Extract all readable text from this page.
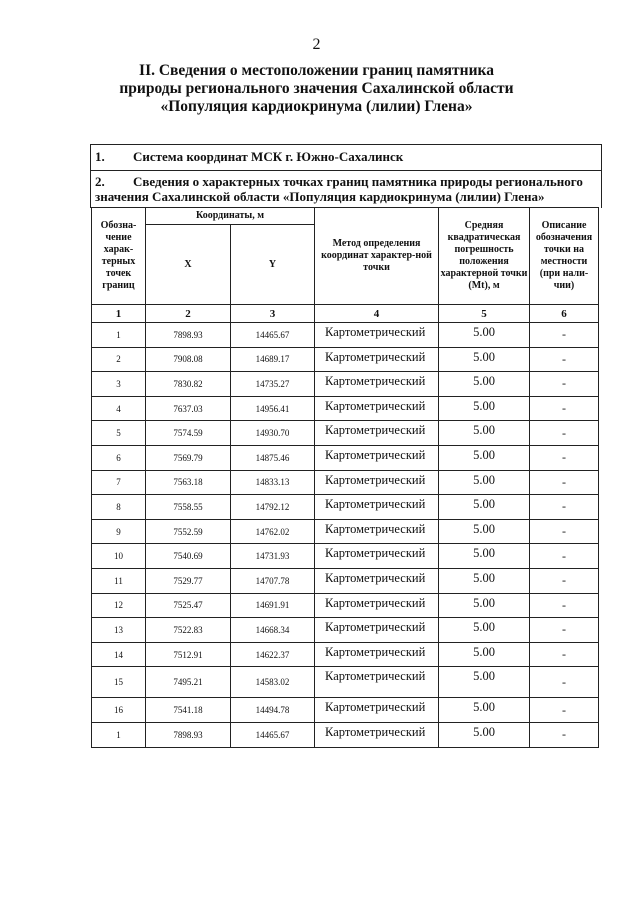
2
II. Сведения о местоположении границ памятника
природы регионального значения Сахалинской области
«Популяция кардиокринума (лилии) Глена»
1. Система координат МСК г. Южно-Сахалинск
2. Сведения о характерных точках границ памятника природы регионального значения Сахалинской области «Популяция кардиокринума (лилии) Глена»
Обозна-чение харак-терных точек границ	Координаты, м		Метод определения координат характер-ной точки	Средняя квадратическая погрешность положения характерной точки (Mt), м	Описание обозначения точки на местности (при нали-чии)
	X	Y			
1	2	3	4	5	6
1	7898.93	14465.67	Картометрический	5.00	-
2	7908.08	14689.17	Картометрический	5.00	-
3	7830.82	14735.27	Картометрический	5.00	-
4	7637.03	14956.41	Картометрический	5.00	-
5	7574.59	14930.70	Картометрический	5.00	-
6	7569.79	14875.46	Картометрический	5.00	-
7	7563.18	14833.13	Картометрический	5.00	-
8	7558.55	14792.12	Картометрический	5.00	-
9	7552.59	14762.02	Картометрический	5.00	-
10	7540.69	14731.93	Картометрический	5.00	-
11	7529.77	14707.78	Картометрический	5.00	-
12	7525.47	14691.91	Картометрический	5.00	-
13	7522.83	14668.34	Картометрический	5.00	-
14	7512.91	14622.37	Картометрический	5.00	-
15	7495.21	14583.02	Картометрический	5.00	-
16	7541.18	14494.78	Картометрический	5.00	-
1	7898.93	14465.67	Картометрический	5.00	-
